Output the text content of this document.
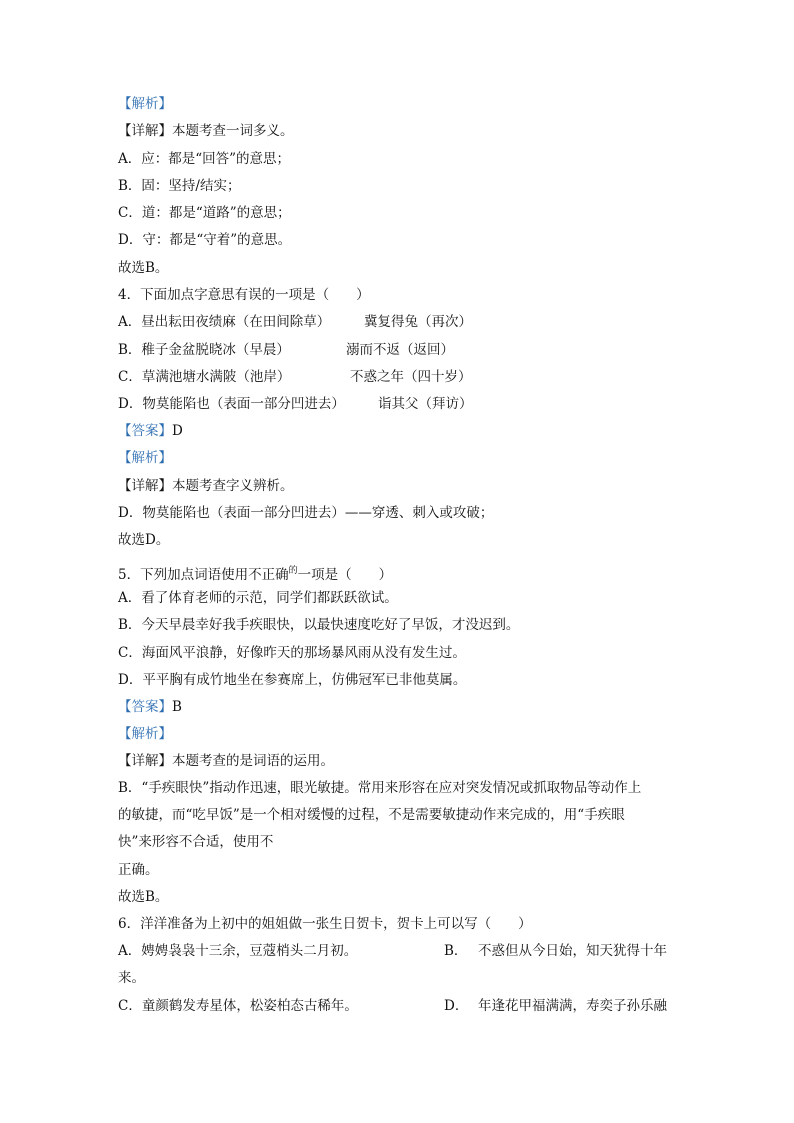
【解析】
【详解】本题考查一词多义。
A．应：都是“回答”的意思；
B．固：坚持/结实；
C．道：都是“道路”的意思；
D．守：都是“守着”的意思。
故选B。
4．下面加点字意思有误的一项是（　　）
A．昼出耘田夜绩麻（在田间除草）	冀复得兔（再次）
B．稚子金盆脱晓冰（早晨）	溺而不返（返回）
C．草满池塘水满陂（池岸）	不惑之年（四十岁）
D．物莫能陷也（表面一部分凹进去） 诣其父（拜访）
【答案】D
【解析】
【详解】本题考查字义辨析。
D．物莫能陷也（表面一部分凹进去）——穿透、刺入或攻破；
故选D。
5．下列加点词语使用不正确$^的$一项是（　　）
A．看了体育老师的示范，同学们都跃跃欲试。
B．今天早晨幸好我手疾眼快，以最快速度吃好了早饭，才没迟到。
C．海面风平浪静，好像昨天的那场暴风雨从没有发生过。
D．平平胸有成竹地坐在参赛席上，仿佛冠军已非他莫属。
【答案】B
【解析】
【详解】本题考查的是词语的运用。
B．“手疾眼快”指动作迅速，眼光敏捷。常用来形容在应对突发情况或抓取物品等动作上
的敏捷，而“吃早饭”是一个相对缓慢的过程，不是需要敏捷动作来完成的，用“手疾眼
快”来形容不合适，使用不
正确。
故选B。
6．洋洋准备为上初中的姐姐做一张生日贺卡，贺卡上可以写（　　）
A．娉娉袅袅十三余，豆蔻梢头二月初。	B． 不惑但从今日始，知天犹得十年
来。
C．童颜鹤发寿星体，松姿柏态古稀年。	D． 年逢花甲福满满，寿奕子孙乐融
